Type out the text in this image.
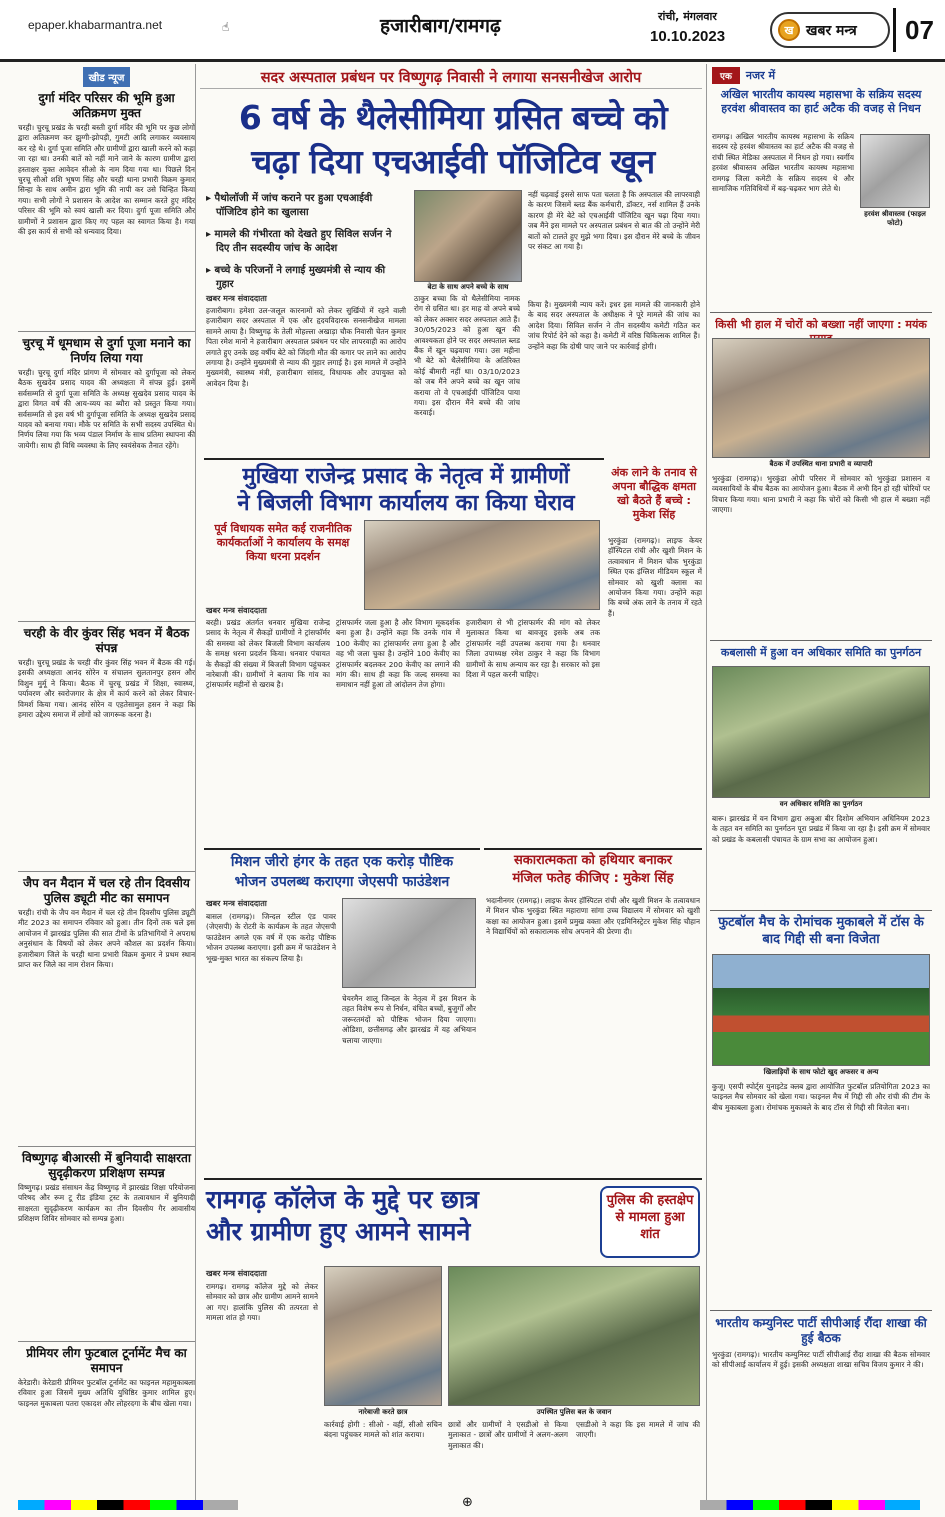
epaper.khabarmantra.net	☝	हजारीबाग/रामगढ़	रांची, मंगलवार
10.10.2023	ख खबर मन्त्र	07
खीड न्यूज
दुर्गा मंदिर परिसर की भूमि हुआ अतिक्रमण मुक्त
चरही। चुरचू प्रखंड के चरही बस्ती दुर्गा मंदिर की भूमि पर कुछ लोगों द्वारा अतिक्रमण कर झुग्गी-झोपड़ी, गुमटी आदि लगाकर व्यवसाय कर रहे थे। दुर्गा पूजा समिति और ग्रामीणों द्वारा खाली करने को कहा जा रहा था। उनकी बातें को नहीं माने जाने के कारण ग्रामीण द्वारा हस्ताक्षर युक्त आवेदन सीओ के नाम दिया गया था। पिछले दिन चुरचू सीओ शशि भूषण सिंह और चरही थाना प्रभारी विक्रम कुमार सिन्हा के साथ अमीन द्वारा भूमि की नापी कर उसे चिन्हित किया गया। सभी लोगों ने प्रशासन के आदेश का सम्मान करते हुए मंदिर परिसर की भूमि को स्वयं खाली कर दिया। दुर्गा पूजा समिति और ग्रामीणों ने प्रशासन द्वारा किए गए पहल का स्वागत किया है। गया की इस कार्य से सभी को धन्यवाद दिया।
चुरचू में धूमधाम से दुर्गा पूजा मनाने का निर्णय लिया गया
चरही। चुरचू दुर्गा मंदिर प्रांगण में सोमवार को दुर्गापूजा को लेकर बैठक सुखदेव प्रसाद यादव की अध्यक्षता में संपन्न हुई। इसमें सर्वसम्मति से दुर्गा पूजा समिति के अध्यक्ष सुखदेव प्रसाद यादव के द्वारा विगत वर्ष की आय-व्यय का ब्यौरा को प्रस्तुत किया गया। सर्वसम्मति से इस वर्ष भी दुर्गापूजा समिति के अध्यक्ष सुखदेव प्रसाद यादव को बनाया गया। मौके पर समिति के सभी सदस्य उपस्थित थे। निर्णय लिया गया कि भव्य पंडाल निर्माण के साथ प्रतिमा स्थापना की जायेगी। साथ ही विधि व्यवस्था के लिए स्वयंसेवक तैनात रहेंगे।
चरही के वीर कुंवर सिंह भवन में बैठक संपन्न
चरही। चुरचू प्रखंड के चरही वीर कुंवर सिंह भवन में बैठक की गई। इसकी अध्यक्षता आनंद सोरेन व संचालन सुलतानपुर हसन और विशुन मुर्मू ने किया। बैठक में चुरचू प्रखंड में शिक्षा, स्वास्थ्य, पर्यावरण और स्वरोजगार के क्षेत्र में कार्य करने को लेकर विचार-विमर्श किया गया। आनंद सोरेन व एहतेसामुल हसन ने कहा कि हमारा उद्देश्य समाज में लोगों को जागरूक करना है।
जैप वन मैदान में चल रहे तीन दिवसीय पुलिस ड्यूटी मीट का समापन
चरही। रांची के जैप वन मैदान में चल रहे तीन दिवसीय पुलिस ड्यूटी मीट 2023 का समापन रविवार को हुआ। तीन दिनों तक चले इस आयोजन में झारखंड पुलिस की सात टीमों के प्रतिभागियों ने अपराध अनुसंधान के विषयों को लेकर अपने कौशल का प्रदर्शन किया। हजारीबाग जिले के चरही थाना प्रभारी विक्रम कुमार ने प्रथम स्थान प्राप्त कर जिले का नाम रोशन किया।
विष्णुगढ़ बीआरसी में बुनियादी साक्षरता सुदृढ़ीकरण प्रशिक्षण सम्पन्न
विष्णुगढ़। प्रखंड संसाधन केंद्र विष्णुगढ़ में झारखंड शिक्षा परियोजना परिषद और रूम टू रीड इंडिया ट्रस्ट के तत्वावधान में बुनियादी साक्षरता सुदृढ़ीकरण कार्यक्रम का तीन दिवसीय गैर आवासीय प्रशिक्षण शिविर सोमवार को सम्पन्न हुआ।
प्रीमियर लीग फुटबाल टूर्नामेंट मैच का समापन
केरेडारी। केरेडारी प्रीमियर फुटबॉल टूर्नामेंट का फाइनल महामुकाबला रविवार हुआ जिसमें मुख्य अतिथि युधिष्ठिर कुमार शामिल हुए। फाइनल मुकाबला पतरा एकादश और लोहरदगा के बीच खेला गया।
सदर अस्पताल प्रबंधन पर विष्णुगढ़ निवासी ने लगाया सनसनीखेज आरोप
6 वर्ष के थैलेसीमिया ग्रसित बच्चे को
चढ़ा दिया एचआईवी पॉजिटिव खून
▸ पैथोलॉजी में जांच कराने पर हुआ एचआईवी पॉजिटिव होने का खुलासा
▸ मामले की गंभीरता को देखते हुए सिविल सर्जन ने दिए तीन सदस्यीय जांच के आदेश
▸ बच्चे के परिजनों ने लगाई मुख्यमंत्री से न्याय की गुहार	बेटा के साथ अपने बच्चे के साथ
खबर मन्त्र संवाददाता
हजारीबाग। हमेशा उल-जलूल कारनामों को लेकर सुर्खियों में रहने वाली हजारीबाग सदर अस्पताल में एक और हृदयविदारक सनसनीखेज मामला सामने आया है। विष्णुगढ़ के तेली मोहल्ला अखाड़ा चौक निवासी चेतन कुमार पिता रमेश मानो ने हजारीबाग अस्पताल प्रबंधन पर घोर लापरवाही का आरोप लगाते हुए उनके छह वर्षीय बेटे को जिंदगी मौत की कगार पर लाने का आरोप लगाया है। उन्होंने मुख्यमंत्री से न्याय की गुहार लगाई है। इस मामले में उन्होंने मुख्यमंत्री, स्वास्थ्य मंत्री, हजारीबाग सांसद, विधायक और उपायुक्त को आवेदन दिया है।
ठाकुर बच्चा कि वो थैलेसीमिया नामक रोग से ग्रसित था। हर माह वो अपने बच्चे को लेकर अक्सर सदर अस्पताल आते हैं। 30/05/2023 को हुआ खून की आवश्यकता होने पर सदर अस्पताल ब्लड बैंक में खून चढ़वाया गया। उस महीना भी बेटे को थैलेसीमिया के अतिरिक्त कोई बीमारी नहीं था। 03/10/2023 को जब मैंने अपने बच्चे का खून जांच कराया तो वे एचआईवी पॉजिटिव पाया गया। इस दौरान मैंने बच्चे की जांच करवाई।
नहीं चढ़वाई इससे साफ पता चलता है कि अस्पताल की लापरवाही के कारण जिसमें ब्लड बैंक कर्मचारी, डॉक्टर, नर्स शामिल हैं उनके कारण ही मेरे बेटे को एचआईवी पॉजिटिव खून चढ़ा दिया गया। जब मैंने इस मामले पर अस्पताल प्रबंधन से बात की तो उन्होंने मेरी बातों को टालते हुए मुझे भगा दिया। इस दौरान मेरे बच्चे के जीवन पर संकट आ गया है।
किया है। मुख्यमंत्री न्याय करें। इधर इस मामले की जानकारी होने के बाद सदर अस्पताल के अधीक्षक ने पूरे मामले की जांच का आदेश दिया। सिविल सर्जन ने तीन सदस्यीय कमेटी गठित कर जांच रिपोर्ट देने को कहा है। कमेटी में वरिष्ठ चिकित्सक शामिल हैं। उन्होंने कहा कि दोषी पाए जाने पर कार्रवाई होगी।
मुखिया राजेन्द्र प्रसाद के नेतृत्व में ग्रामीणों
ने बिजली विभाग कार्यालय का किया घेराव
पूर्व विधायक समेत कई राजनीतिक कार्यकर्ताओं ने कार्यालय के समक्ष किया धरना प्रदर्शन
खबर मन्त्र संवाददाता
बरही। प्रखंड अंतर्गत धनवार मुखिया राजेन्द्र प्रसाद के नेतृत्व में सैकड़ों ग्रामीणों ने ट्रांसफॉर्मर की समस्या को लेकर बिजली विभाग कार्यालय के समक्ष धरना प्रदर्शन किया। धनवार पंचायत के सैकड़ों की संख्या में बिजली विभाग पहुंचकर नारेबाजी की। ग्रामीणों ने बताया कि गांव का ट्रांसफार्मर महीनों से खराब है।
ट्रांसफार्मर जला हुआ है और विभाग मूकदर्शक बना हुआ है। उन्होंने कहा कि उनके गांव में 100 केवीए का ट्रांसफार्मर लगा हुआ है और वह भी जला चुका है। उन्होंने 100 केवीए का ट्रांसफार्मर बदलकर 200 केवीए का लगाने की मांग की। साथ ही कहा कि जल्द समस्या का समाधान नहीं हुआ तो आंदोलन तेज होगा।
हजारीबाग से भी ट्रांसफार्मर की मांग को लेकर मुलाकात किया था बावजूद इसके अब तक ट्रांसफार्मर नहीं उपलब्ध कराया गया है। धनवार जिला उपाध्यक्ष रमेश ठाकुर ने कहा कि विभाग ग्रामीणों के साथ अन्याय कर रहा है। सरकार को इस दिशा में पहल करनी चाहिए।
अंक लाने के तनाव से अपना बौद्धिक क्षमता खो बैठते हैं बच्चे : मुकेश सिंह
भुरकुंडा (रामगढ़)। लाइफ केयर हॉस्पिटल रांची और खुशी मिशन के तत्वावधान में मिशन चौक भुरकुंडा स्थित एक इंग्लिश मीडियम स्कूल में सोमवार को खुशी क्लास का आयोजन किया गया। उन्होंने कहा कि बच्चे अंक लाने के तनाव में रहते हैं।
मिशन जीरो हंगर के तहत एक करोड़ पौष्टिक
भोजन उपलब्ध कराएगा जेएसपी फाउंडेशन
खबर मन्त्र संवाददाता
बासल (रामगढ़)। जिन्दल स्टील एंड पावर (जेएसपी) के रोटरी के कार्यक्रम के तहत जेएसपी फाउंडेशन अगले एक वर्ष में एक करोड़ पौष्टिक भोजन उपलब्ध कराएगा। इसी क्रम में फाउंडेशन ने भूख-मुक्त भारत का संकल्प लिया है।
चेयरमैन शालू जिन्दल के नेतृत्व में इस मिशन के तहत विशेष रूप से निर्धन, वंचित बच्चों, बुजुर्गों और जरूरतमंदों को पौष्टिक भोजन दिया जाएगा। ओडिशा, छत्तीसगढ़ और झारखंड में यह अभियान चलाया जाएगा।
सकारात्मकता को हथियार बनाकर
मंजिल फतेह कीजिए : मुकेश सिंह
भदानीनगर (रामगढ़)। लाइफ केयर हॉस्पिटल रांची और खुशी मिशन के तत्वावधान में मिशन चौक भुरकुंडा स्थित महाराणा सांगा उच्च विद्यालय में सोमवार को खुशी कक्षा का आयोजन हुआ। इसमें प्रमुख वक्ता और एडमिनिस्ट्रेटर मुकेश सिंह चौहान ने विद्यार्थियों को सकारात्मक सोच अपनाने की प्रेरणा दी।
रामगढ़ कॉलेज के मुद्दे पर छात्र
और ग्रामीण हुए आमने सामने
पुलिस की हस्तक्षेप से मामला हुआ शांत
खबर मन्त्र संवाददाता
रामगढ़। रामगढ़ कॉलेज मुद्दे को लेकर सोमवार को छात्र और ग्रामीण आमने सामने आ गए। हालांकि पुलिस की तत्परता से मामला शांत हो गया।
नारेबाजी करते छात्र	उपस्थित पुलिस बल के जवान
कार्रवाई होगी : सीओ - वहीं, सीओ सचिन बंदना पहुंचकर मामले को शांत कराया।
छात्रों और ग्रामीणों ने एसडीओ से किया मुलाकात - छात्रों और ग्रामीणों ने अलग-अलग मुलाकात की।
एसडीओ ने कहा कि इस मामले में जांच की जाएगी।
एक	नजर में
अखिल भारतीय कायस्थ महासभा के सक्रिय सदस्य हरवंश श्रीवास्तव का हार्ट अटैक की वजह से निधन
रामगढ़। अखिल भारतीय कायस्थ महासभा के सक्रिय सदस्य रहे हरवंश श्रीवास्तव का हार्ट अटैक की वजह से रांची स्थित मेडिका अस्पताल में निधन हो गया। स्वर्गीय हरवंश श्रीवास्तव अखिल भारतीय कायस्थ महासभा रामगढ़ जिला कमेटी के सक्रिय सदस्य थे और सामाजिक गतिविधियों में बढ़-चढ़कर भाग लेते थे।
हरवंश श्रीवास्तव (फाइल फोटो)
किसी भी हाल में चोरों को बख्शा नहीं जाएगा : मयंक
बैठक में उपस्थित थाना प्रभारी व व्यापारी
भुरकुंडा (रामगढ़)। भुरकुंडा ओपी परिसर में सोमवार को भुरकुंडा प्रशासन व व्यवसायियों के बीच बैठक का आयोजन हुआ। बैठक में अभी दिन हो रही चोरियों पर विचार किया गया। थाना प्रभारी ने कहा कि चोरों को किसी भी हाल में बख्शा नहीं जाएगा।
कबलासी में हुआ वन अधिकार समिति का पुनर्गठन
वन अधिकार समिति का पुनर्गठन
बारू। झारखंड में वन विभाग द्वारा अबुआ बीर दिशोम अभियान अधिनियम 2023 के तहत वन समिति का पुनर्गठन पूरा प्रखंड में किया जा रहा है। इसी क्रम में सोमवार को प्रखंड के कबलासी पंचायत के ग्राम सभा का आयोजन हुआ।
फुटबॉल मैच के रोमांचक मुकाबले में टॉस के बाद गिद्दी सी बना विजेता
खिलाड़ियों के साथ फोटो खुद अफसर व अन्य
कुजू। एसपी स्पोर्ट्स युनाइटेड क्लब द्वारा आयोजित फुटबॉल प्रतियोगिता 2023 का फाइनल मैच सोमवार को खेला गया। फाइनल मैच में गिद्दी सी और रांची की टीम के बीच मुकाबला हुआ। रोमांचक मुकाबले के बाद टॉस से गिद्दी सी विजेता बना।
भारतीय कम्युनिस्ट पार्टी सीपीआई रौंदा शाखा की हुई बैठक
भुरकुंडा (रामगढ़)। भारतीय कम्युनिस्ट पार्टी सीपीआई रौंदा शाखा की बैठक सोमवार को सीपीआई कार्यालय में हुई। इसकी अध्यक्षता शाखा सचिव विजय कुमार ने की।
⊕
